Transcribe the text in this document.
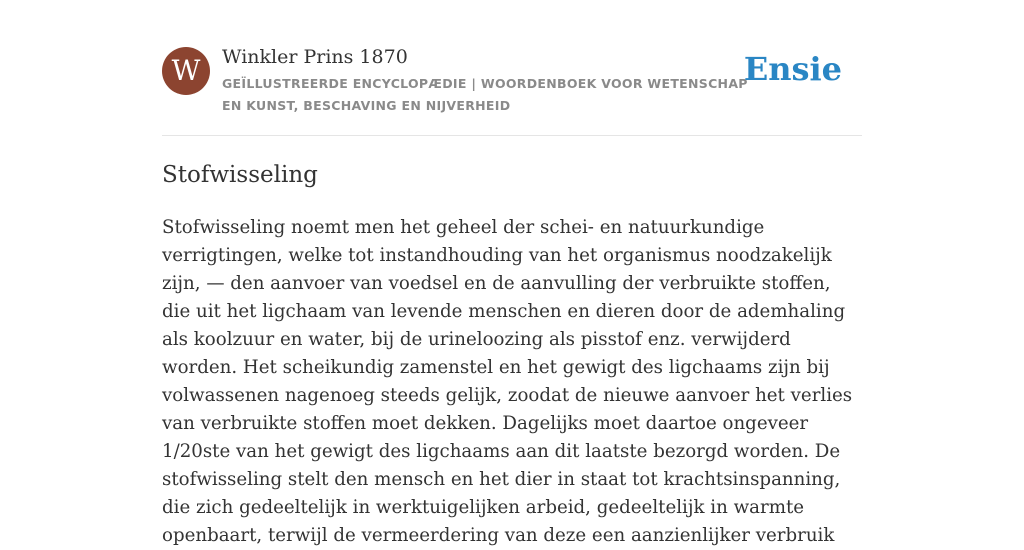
W	Winkler Prins 1870
GEÏLLUSTREERDE ENCYCLOPÆDIE | WOORDENBOEK VOOR WETENSCHAP EN KUNST, BESCHAVING EN NIJVERHEID
Ensie
Stofwisseling

Stofwisseling noemt men het geheel der schei- en natuurkundige verrigtingen, welke tot instandhouding van het organismus noodzakelijk zijn, — den aanvoer van voedsel en de aanvulling der verbruikte stoffen, die uit het ligchaam van levende menschen en dieren door de ademhaling als koolzuur en water, bij de urineloozing als pisstof enz. verwijderd worden. Het scheikundig zamenstel en het gewigt des ligchaams zijn bij volwassenen nagenoeg steeds gelijk, zoodat de nieuwe aanvoer het verlies van verbruikte stoffen moet dekken. Dagelijks moet daartoe ongeveer 1/20ste van het gewigt des ligchaams aan dit laatste bezorgd worden. De stofwisseling stelt den mensch en het dier in staat tot krachtsinspanning, die zich gedeeltelijk in werktuigelijken arbeid, gedeeltelijk in warmte openbaart, terwijl de vermeerdering van deze een aanzienlijker verbruik
